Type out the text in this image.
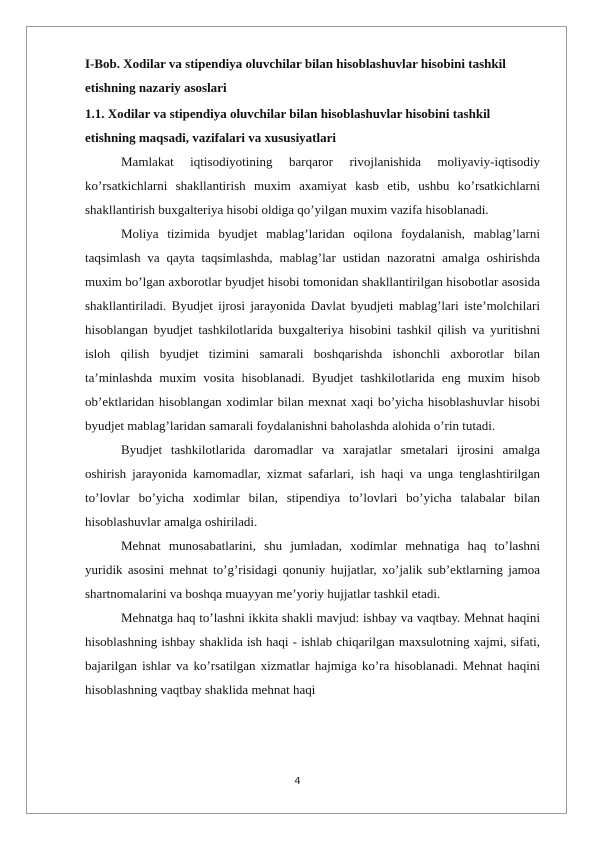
I-Bob. Xodilar va stipendiya oluvchilar bilan hisoblashuvlar hisobini tashkil etishning nazariy asoslari

1.1. Xodilar va stipendiya oluvchilar bilan hisoblashuvlar hisobini tashkil etishning maqsadi, vazifalari va xususiyatlari

Mamlakat iqtisodiyotining barqaror rivojlanishida moliyaviy-iqtisodiy ko’rsatkichlarni shakllantirish muxim axamiyat kasb etib, ushbu ko’rsatkichlarni shakllantirish buxgalteriya hisobi oldiga qo’yilgan muxim vazifa hisoblanadi.

Moliya tizimida byudjet mablag’laridan oqilona foydalanish, mablag’larni taqsimlash va qayta taqsimlashda, mablag’lar ustidan nazoratni amalga oshirishda muxim bo’lgan axborotlar byudjet hisobi tomonidan shakllantirilgan hisobotlar asosida shakllantiriladi. Byudjet ijrosi jarayonida Davlat byudjeti mablag’lari iste’molchilari hisoblangan byudjet tashkilotlarida buxgalteriya hisobini tashkil qilish va yuritishni isloh qilish byudjet tizimini samarali boshqarishda ishonchli axborotlar bilan ta’minlashda muxim vosita hisoblanadi. Byudjet tashkilotlarida eng muxim hisob ob’ektlaridan hisoblangan xodimlar bilan mexnat xaqi bo’yicha hisoblashuvlar hisobi byudjet mablag’laridan samarali foydalanishni baholashda alohida o’rin tutadi.

Byudjet tashkilotlarida daromadlar va xarajatlar smetalari ijrosini amalga oshirish jarayonida kamomadlar, xizmat safarlari, ish haqi va unga tenglashtirilgan to’lovlar bo’yicha xodimlar bilan, stipendiya to’lovlari bo’yicha talabalar bilan hisoblashuvlar amalga oshiriladi.

Mehnat munosabatlarini, shu jumladan, xodimlar mehnatiga haq to’lashni yuridik asosini mehnat to’g’risidagi qonuniy hujjatlar, xo’jalik sub’ektlarning jamoa shartnomalarini va boshqa muayyan me’yoriy hujjatlar tashkil etadi.

Mehnatga haq to’lashni ikkita shakli mavjud: ishbay va vaqtbay. Mehnat haqini hisoblashning ishbay shaklida ish haqi - ishlab chiqarilgan maxsulotning xajmi, sifati, bajarilgan ishlar va ko’rsatilgan xizmatlar hajmiga ko’ra hisoblanadi. Mehnat haqini hisoblashning vaqtbay shaklida mehnat haqi

4
